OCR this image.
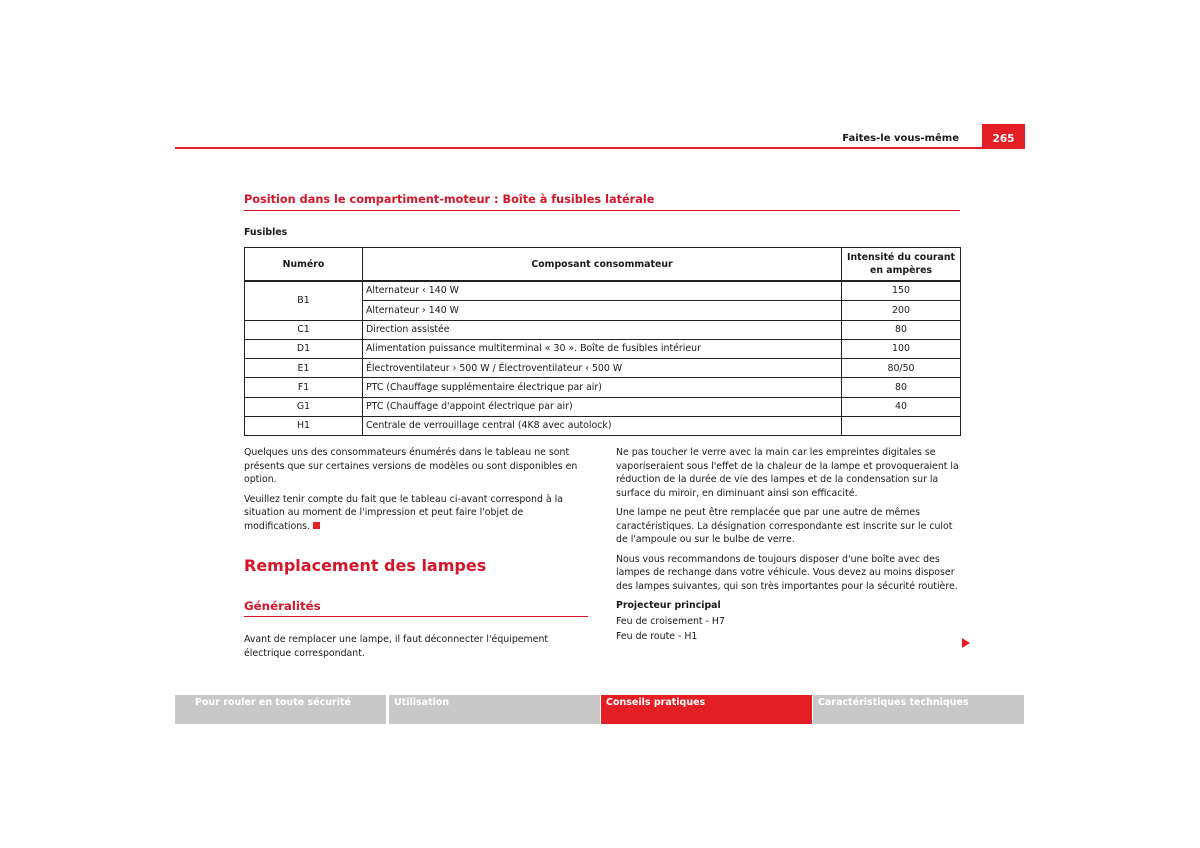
Faites-le vous-même	265
Position dans le compartiment-moteur : Boîte à fusibles latérale
Fusibles
Numéro	Composant consommateur	Intensité du courant en ampères
B1	Alternateur ‹ 140 W	150
	Alternateur › 140 W	200
C1	Direction assistée	80
D1	Alimentation puissance multiterminal « 30 ». Boîte de fusibles intérieur	100
E1	Électroventilateur › 500 W / Électroventilateur ‹ 500 W	80/50
F1	PTC (Chauffage supplémentaire électrique par air)	80
G1	PTC (Chauffage d'appoint électrique par air)	40
H1	Centrale de verrouillage central (4K8 avec autolock)	

Quelques uns des consommateurs énumérés dans le tableau ne sont présents que sur certaines versions de modèles ou sont disponibles en option.

Veuillez tenir compte du fait que le tableau ci-avant correspond à la situation au moment de l'impression et peut faire l'objet de modifications.

Remplacement des lampes
Généralités

Avant de remplacer une lampe, il faut déconnecter l'équipement électrique correspondant.

Ne pas toucher le verre avec la main car les empreintes digitales se vaporiseraient sous l'effet de la chaleur de la lampe et provoqueraient la réduction de la durée de vie des lampes et de la condensation sur la surface du miroir, en diminuant ainsi son efficacité.

Une lampe ne peut être remplacée que par une autre de mêmes caractéristiques. La désignation correspondante est inscrite sur le culot de l'ampoule ou sur le bulbe de verre.

Nous vous recommandons de toujours disposer d'une boîte avec des lampes de rechange dans votre véhicule. Vous devez au moins disposer des lampes suivantes, qui son très importantes pour la sécurité routière.

Projecteur principal

Feu de croisement - H7

Feu de route - H1

Pour rouler en toute sécurité	Utilisation	Conseils pratiques	Caractéristiques techniques
